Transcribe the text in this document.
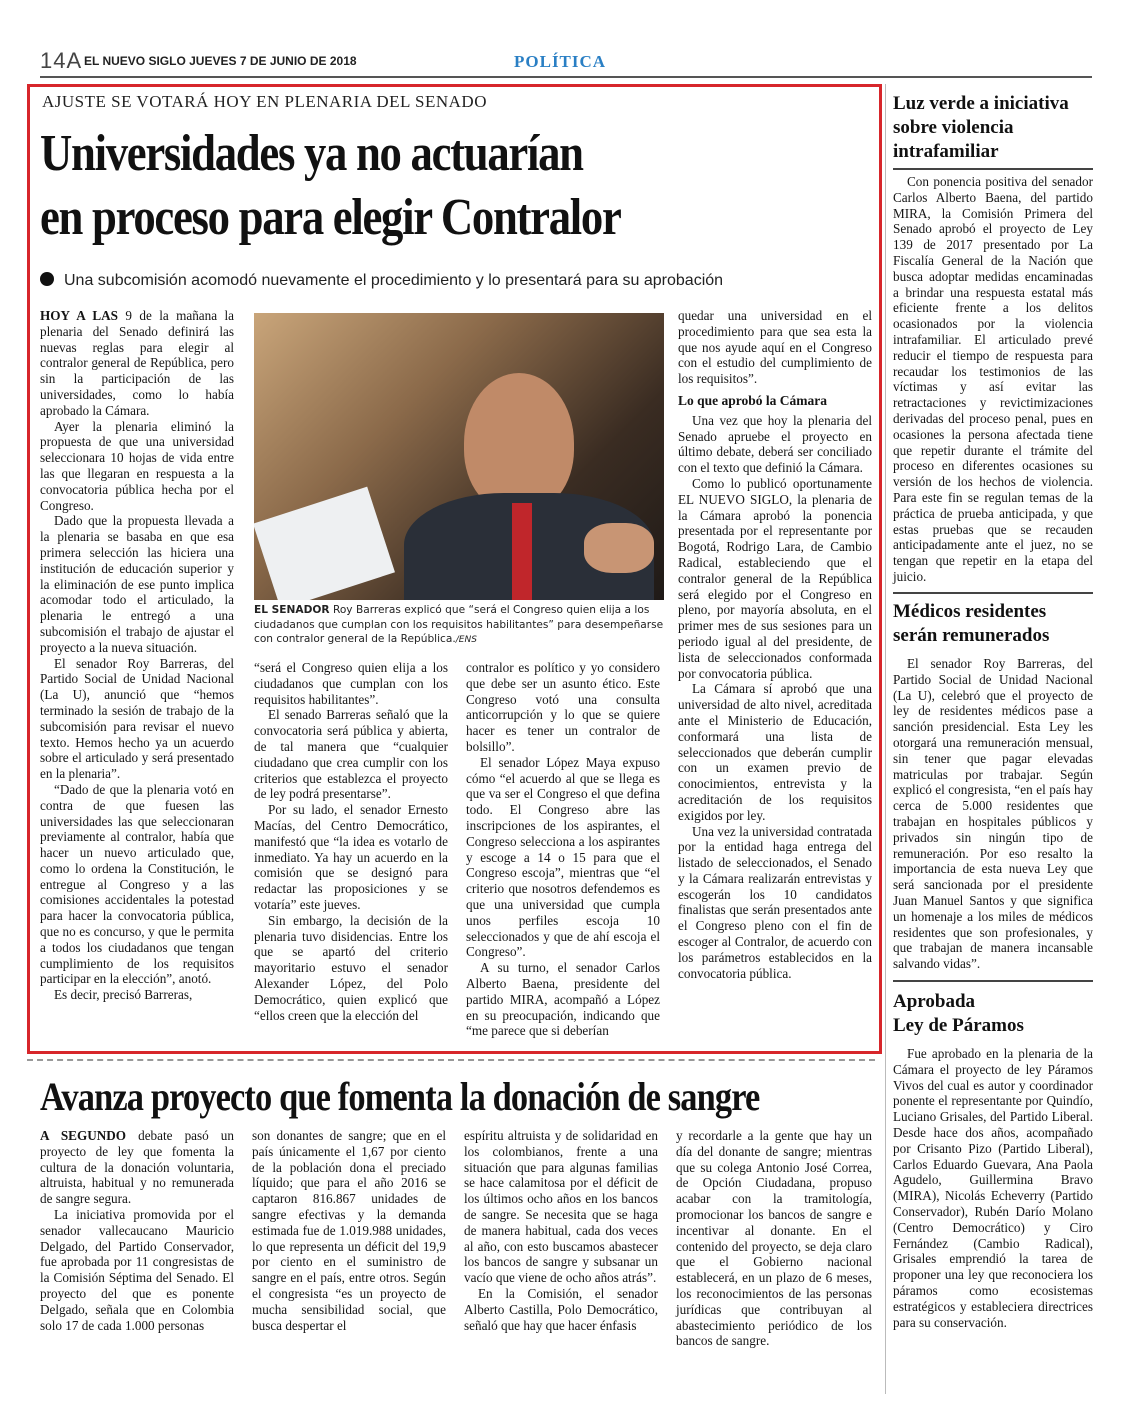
14A EL NUEVO SIGLO JUEVES 7 DE JUNIO DE 2018	POLÍTICA
AJUSTE SE VOTARÁ HOY EN PLENARIA DEL SENADO
Universidades ya no actuarían
en proceso para elegir Contralor
Una subcomisión acomodó nuevamente el procedimiento y lo presentará para su aprobación

HOY A LAS 9 de la mañana la plenaria del Senado definirá las nuevas reglas para elegir al contralor general de República, pero sin la participación de las universidades, como lo había aprobado la Cámara.

Ayer la plenaria eliminó la propuesta de que una universidad seleccionara 10 hojas de vida entre las que llegaran en respuesta a la convocatoria pública hecha por el Congreso.

Dado que la propuesta llevada a la plenaria se basaba en que esa primera selección las hiciera una institución de educación superior y la eliminación de ese punto implica acomodar todo el articulado, la plenaria le entregó a una subcomisión el trabajo de ajustar el proyecto a la nueva situación.

El senador Roy Barreras, del Partido Social de Unidad Nacional (La U), anunció que “hemos terminado la sesión de trabajo de la subcomisión para revisar el nuevo texto. Hemos hecho ya un acuerdo sobre el articulado y será presentado en la plenaria”.

“Dado de que la plenaria votó en contra de que fuesen las universidades las que seleccionaran previamente al contralor, había que hacer un nuevo articulado que, como lo ordena la Constitución, le entregue al Congreso y a las comisiones accidentales la potestad para hacer la convocatoria pública, que no es concurso, y que le permita a todos los ciudadanos que tengan cumplimiento de los requisitos participar en la elección”, anotó.

Es decir, precisó Barreras,

EL SENADOR Roy Barreras explicó que “será el Congreso quien elija a los ciudadanos que cumplan con los requisitos habilitantes” para desempeñarse con contralor general de la República./ENS

“será el Congreso quien elija a los ciudadanos que cumplan con los requisitos habilitantes”.

El senado Barreras señaló que la convocatoria será pública y abierta, de tal manera que “cualquier ciudadano que crea cumplir con los criterios que establezca el proyecto de ley podrá presentarse”.

Por su lado, el senador Ernesto Macías, del Centro Democrático, manifestó que “la idea es votarlo de inmediato. Ya hay un acuerdo en la comisión que se designó para redactar las proposiciones y se votaría” este jueves.

Sin embargo, la decisión de la plenaria tuvo disidencias. Entre los que se apartó del criterio mayoritario estuvo el senador Alexander López, del Polo Democrático, quien explicó que “ellos creen que la elección del

contralor es político y yo considero que debe ser un asunto ético. Este Congreso votó una consulta anticorrupción y lo que se quiere hacer es tener un contralor de bolsillo”.

El senador López Maya expuso cómo “el acuerdo al que se llega es que va ser el Congreso el que defina todo. El Congreso abre las inscripciones de los aspirantes, el Congreso selecciona a los aspirantes y escoge a 14 o 15 para que el Congreso escoja”, mientras que “el criterio que nosotros defendemos es que una universidad que cumpla unos perfiles escoja 10 seleccionados y que de ahí escoja el Congreso”.

A su turno, el senador Carlos Alberto Baena, presidente del partido MIRA, acompañó a López en su preocupación, indicando que “me parece que si deberían

quedar una universidad en el procedimiento para que sea esta la que nos ayude aquí en el Congreso con el estudio del cumplimiento de los requisitos”.

Lo que aprobó la Cámara

Una vez que hoy la plenaria del Senado apruebe el proyecto en último debate, deberá ser conciliado con el texto que definió la Cámara.

Como lo publicó oportunamente EL NUEVO SIGLO, la plenaria de la Cámara aprobó la ponencia presentada por el representante por Bogotá, Rodrigo Lara, de Cambio Radical, estableciendo que el contralor general de la República será elegido por el Congreso en pleno, por mayoría absoluta, en el primer mes de sus sesiones para un periodo igual al del presidente, de lista de seleccionados conformada por convocatoria pública.

La Cámara sí aprobó que una universidad de alto nivel, acreditada ante el Ministerio de Educación, conformará una lista de seleccionados que deberán cumplir con un examen previo de conocimientos, entrevista y la acreditación de los requisitos exigidos por ley.

Una vez la universidad contratada por la entidad haga entrega del listado de seleccionados, el Senado y la Cámara realizarán entrevistas y escogerán los 10 candidatos finalistas que serán presentados ante el Congreso pleno con el fin de escoger al Contralor, de acuerdo con los parámetros establecidos en la convocatoria pública.

Avanza proyecto que fomenta la donación de sangre

A SEGUNDO debate pasó un proyecto de ley que fomenta la cultura de la donación voluntaria, altruista, habitual y no remunerada de sangre segura.

La iniciativa promovida por el senador vallecaucano Mauricio Delgado, del Partido Conservador, fue aprobada por 11 congresistas de la Comisión Séptima del Senado. El proyecto del que es ponente Delgado, señala que en Colombia solo 17 de cada 1.000 personas

son donantes de sangre; que en el país únicamente el 1,67 por ciento de la población dona el preciado líquido; que para el año 2016 se captaron 816.867 unidades de sangre efectivas y la demanda estimada fue de 1.019.988 unidades, lo que representa un déficit del 19,9 por ciento en el suministro de sangre en el país, entre otros. Según el congresista “es un proyecto de mucha sensibilidad social, que busca despertar el

espíritu altruista y de solidaridad en los colombianos, frente a una situación que para algunas familias se hace calamitosa por el déficit de los últimos ocho años en los bancos de sangre. Se necesita que se haga de manera habitual, cada dos veces al año, con esto buscamos abastecer los bancos de sangre y subsanar un vacío que viene de ocho años atrás”.

En la Comisión, el senador Alberto Castilla, Polo Democrático, señaló que hay que hacer énfasis

y recordarle a la gente que hay un día del donante de sangre; mientras que su colega Antonio José Correa, de Opción Ciudadana, propuso acabar con la tramitología, promocionar los bancos de sangre e incentivar al donante. En el contenido del proyecto, se deja claro que el Gobierno nacional establecerá, en un plazo de 6 meses, los reconocimientos de las personas jurídicas que contribuyan al abastecimiento periódico de los bancos de sangre.

Luz verde a iniciativa
sobre violencia
intrafamiliar

Con ponencia positiva del senador Carlos Alberto Baena, del partido MIRA, la Comisión Primera del Senado aprobó el proyecto de Ley 139 de 2017 presentado por La Fiscalía General de la Nación que busca adoptar medidas encaminadas a brindar una respuesta estatal más eficiente frente a los delitos ocasionados por la violencia intrafamiliar. El articulado prevé reducir el tiempo de respuesta para recaudar los testimonios de las víctimas y así evitar las retractaciones y revictimizaciones derivadas del proceso penal, pues en ocasiones la persona afectada tiene que repetir durante el trámite del proceso en diferentes ocasiones su versión de los hechos de violencia. Para este fin se regulan temas de la práctica de prueba anticipada, y que estas pruebas que se recauden anticipadamente ante el juez, no se tengan que repetir en la etapa del juicio.

Médicos residentes
serán remunerados

El senador Roy Barreras, del Partido Social de Unidad Nacional (La U), celebró que el proyecto de ley de residentes médicos pase a sanción presidencial. Esta Ley les otorgará una remuneración mensual, sin tener que pagar elevadas matriculas por trabajar. Según explicó el congresista, “en el país hay cerca de 5.000 residentes que trabajan en hospitales públicos y privados sin ningún tipo de remuneración. Por eso resalto la importancia de esta nueva Ley que será sancionada por el presidente Juan Manuel Santos y que significa un homenaje a los miles de médicos residentes que son profesionales, y que trabajan de manera incansable salvando vidas”.

Aprobada
Ley de Páramos

Fue aprobado en la plenaria de la Cámara el proyecto de ley Páramos Vivos del cual es autor y coordinador ponente el representante por Quindío, Luciano Grisales, del Partido Liberal. Desde hace dos años, acompañado por Crisanto Pizo (Partido Liberal), Carlos Eduardo Guevara, Ana Paola Agudelo, Guillermina Bravo (MIRA), Nicolás Echeverry (Partido Conservador), Rubén Darío Molano (Centro Democrático) y Ciro Fernández (Cambio Radical), Grisales emprendió la tarea de proponer una ley que reconociera los páramos como ecosistemas estratégicos y estableciera directrices para su conservación.
